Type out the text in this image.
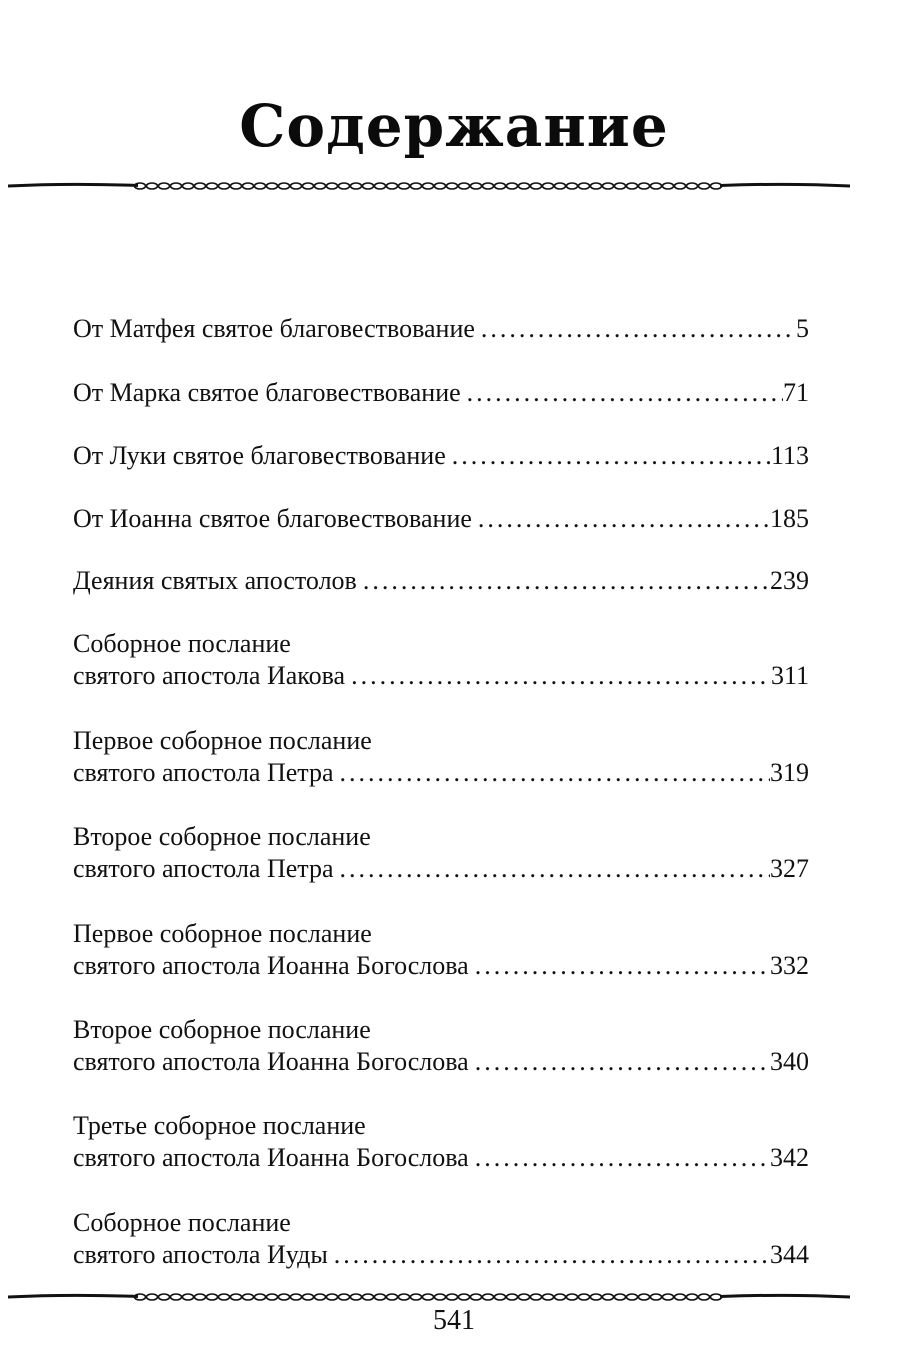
Содержание
От Матфея святое благовествование .....	5
От Марка святое благовествование .....	71
От Луки святое благовествование .....	113
От Иоанна святое благовествование .....	185
Деяния святых апостолов .....	239
Соборное послание
святого апостола Иакова .....	311
Первое соборное послание
святого апостола Петра .....	319
Второе соборное послание
святого апостола Петра .....	327
Первое соборное послание
святого апостола Иоанна Богослова .....	332
Второе соборное послание
святого апостола Иоанна Богослова .....	340
Третье соборное послание
святого апостола Иоанна Богослова .....	342
Соборное послание
святого апостола Иуды .....	344
541
